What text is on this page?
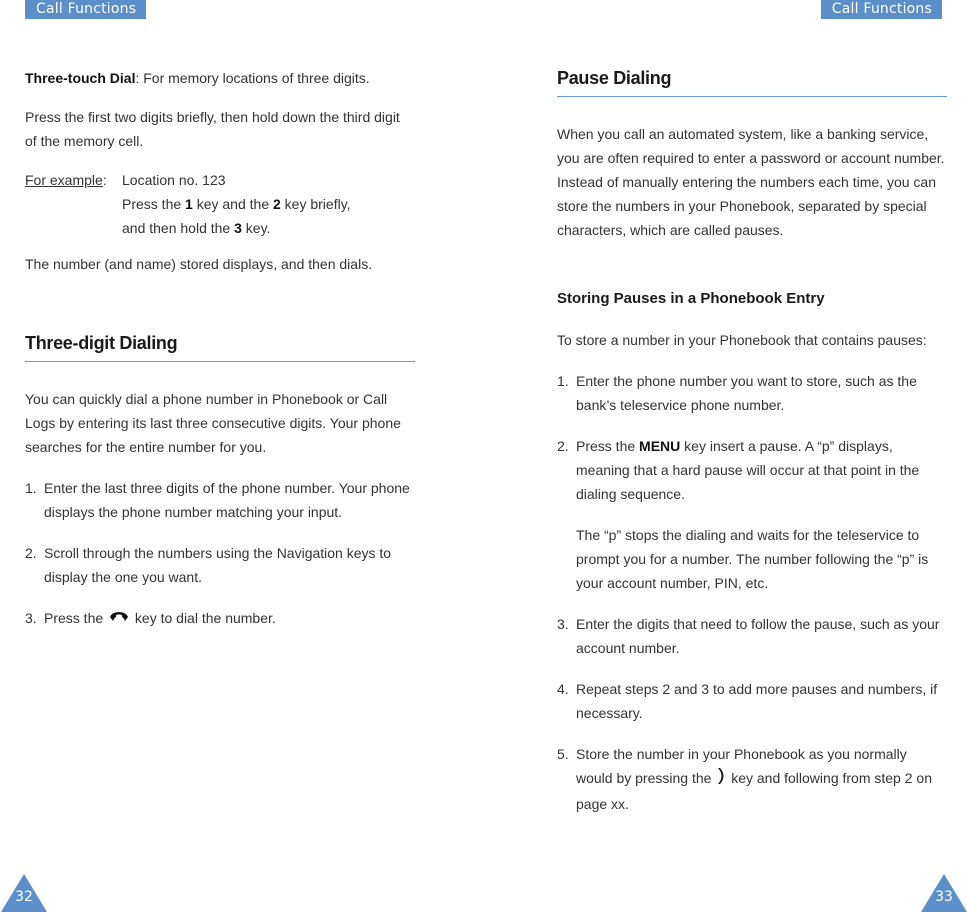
Call Functions	Call Functions

Three-touch Dial: For memory locations of three digits.

Press the first two digits briefly, then hold down the third digit of the memory cell.

For example:	Location no. 123
Press the 1 key and the 2 key briefly,
and then hold the 3 key.

The number (and name) stored displays, and then dials.

Three-digit Dialing

You can quickly dial a phone number in Phonebook or Call Logs by entering its last three consecutive digits. Your phone searches for the entire number for you.

1. Enter the last three digits of the phone number. Your phone displays the phone number matching your input.
2. Scroll through the numbers using the Navigation keys to display the one you want.
3. Press the  key to dial the number.
Pause Dialing

When you call an automated system, like a banking service, you are often required to enter a password or account number. Instead of manually entering the numbers each time, you can store the numbers in your Phonebook, separated by special characters, which are called pauses.

Storing Pauses in a Phonebook Entry

To store a number in your Phonebook that contains pauses:

1. Enter the phone number you want to store, such as the bank’s teleservice phone number.
2. Press the MENU key insert a pause. A “p” displays, meaning that a hard pause will occur at that point in the dialing sequence.

The “p” stops the dialing and waits for the teleservice to prompt you for a number. The number following the “p” is your account number, PIN, etc.

3. Enter the digits that need to follow the pause, such as your account number.
4. Repeat steps 2 and 3 to add more pauses and numbers, if necessary.
5. Store the number in your Phonebook as you normally would by pressing the  key and following from step 2 on page xx.
32	33
